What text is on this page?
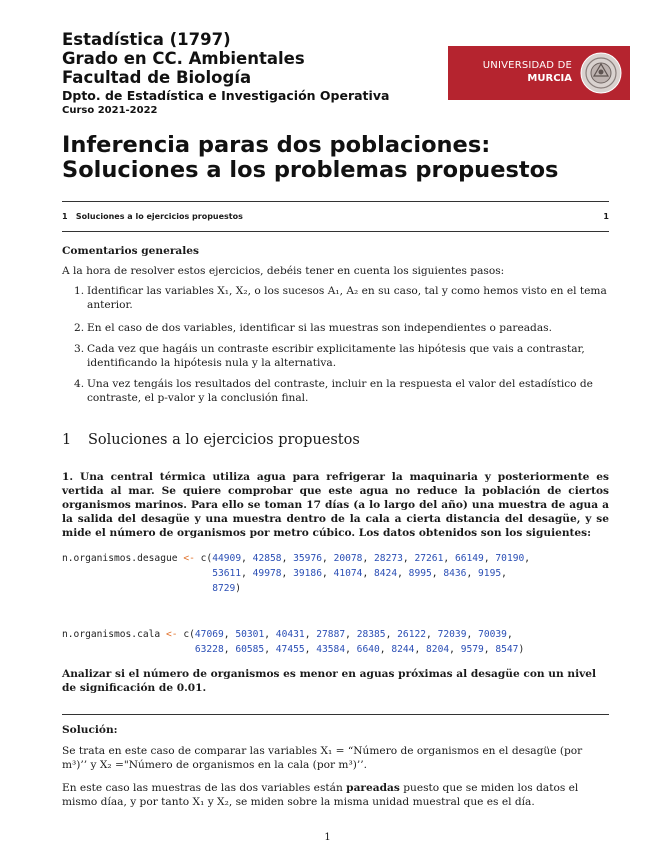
Estadística (1797)
Grado en CC. Ambientales
Facultad de Biología
Dpto. de Estadística e Investigación Operativa
Curso 2021-2022
UNIVERSIDAD DE
MURCIA
Inferencia paras dos poblaciones: Soluciones a los problemas propuestos
1   Soluciones a lo ejercicios propuestos	1
Comentarios generales
A la hora de resolver estos ejercicios, debéis tener en cuenta los siguientes pasos:
1. Identificar las variables X₁, X₂, o los sucesos A₁, A₂ en su caso, tal y como hemos visto en el tema anterior.
2. En el caso de dos variables, identificar si las muestras son independientes o pareadas.
3. Cada vez que hagáis un contraste escribir explicitamente las hipótesis que vais a contrastar, identificando la hipótesis nula y la alternativa.
4. Una vez tengáis los resultados del contraste, incluir en la respuesta el valor del estadístico de contraste, el p-valor y la conclusión final.
1 Soluciones a lo ejercicios propuestos
1. Una central térmica utiliza agua para refrigerar la maquinaria y posteriormente es vertida al mar. Se quiere comprobar que este agua no reduce la población de ciertos organismos marinos. Para ello se toman 17 días (a lo largo del año) una muestra de agua a la salida del desagüe y una muestra dentro de la cala a cierta distancia del desagüe, y se mide el número de organismos por metro cúbico. Los datos obtenidos son los siguientes:
n.organismos.desague <- c(44909, 42858, 35976, 20078, 28273, 27261, 66149, 70190,
53611, 49978, 39186, 41074, 8424, 8995, 8436, 9195,
8729)
n.organismos.cala <- c(47069, 50301, 40431, 27887, 28385, 26122, 72039, 70039,
63228, 60585, 47455, 43584, 6640, 8244, 8204, 9579, 8547)
Analizar si el número de organismos es menor en aguas próximas al desagüe con un nivel de significación de 0.01.
Solución:
Se trata en este caso de comparar las variables X₁ = “Número de organismos en el desagüe (por m³)’’ y X₂ ="Número de organismos en la cala (por m³)’’.
En este caso las muestras de las dos variables están pareadas puesto que se miden los datos el mismo díaa, y por tanto X₁ y X₂, se miden sobre la misma unidad muestral que es el día.
1
